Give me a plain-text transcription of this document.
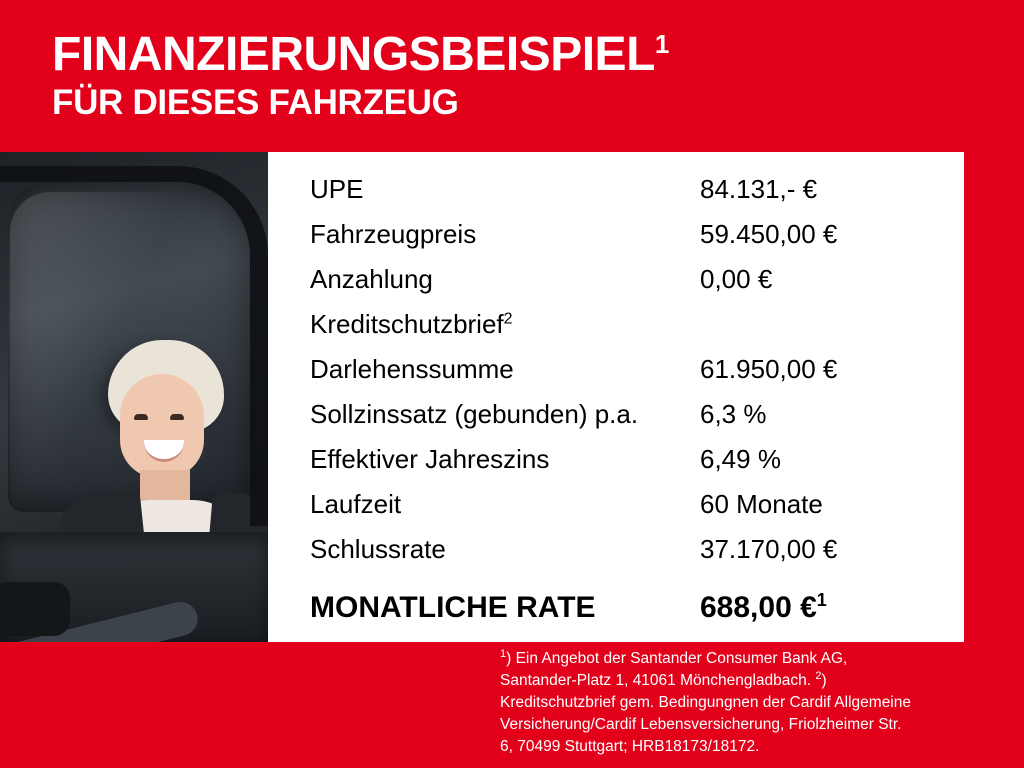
FINANZIERUNGSBEISPIEL$^1$
FÜR DIESES FAHRZEUG
UPE	84.131,- €
Fahrzeugpreis	59.450,00 €
Anzahlung	0,00 €
Kreditschutzbrief$^2$
Darlehenssumme	61.950,00 €
Sollzinssatz (gebunden) p.a.	6,3 %
Effektiver Jahreszins	6,49 %
Laufzeit	60 Monate
Schlussrate	37.170,00 €
MONATLICHE RATE	688,00 €$^1$
$^1$) Ein Angebot der Santander Consumer Bank AG,
Santander-Platz 1, 41061 Mönchengladbach. $^2$)
Kreditschutzbrief gem. Bedingungnen der Cardif Allgemeine
Versicherung/Cardif Lebensversicherung, Friolzheimer Str.
6, 70499 Stuttgart; HRB18173/18172.
